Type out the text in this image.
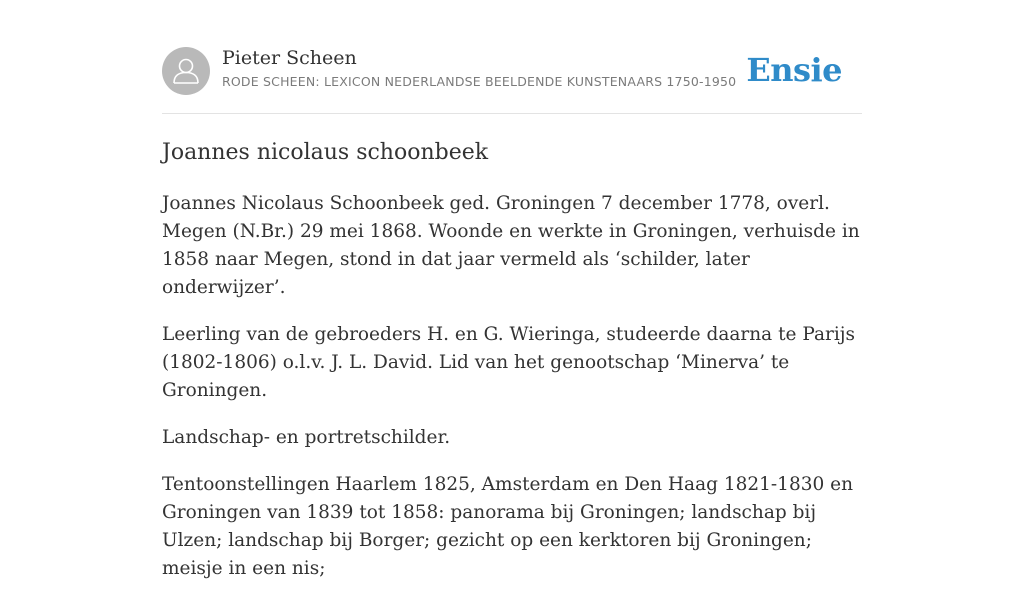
Pieter Scheen
RODE SCHEEN: LEXICON NEDERLANDSE BEELDENDE KUNSTENAARS 1750-1950 Ensie
Joannes nicolaus schoonbeek

Joannes Nicolaus Schoonbeek ged. Groningen 7 december 1778, overl. Megen (N.Br.) 29 mei 1868. Woonde en werkte in Groningen, verhuisde in 1858 naar Megen, stond in dat jaar vermeld als ‘schilder, later onderwijzer’.

Leerling van de gebroeders H. en G. Wieringa, studeerde daarna te Parijs (1802-1806) o.l.v. J. L. David. Lid van het genootschap ‘Minerva’ te Groningen.

Landschap- en portretschilder.

Tentoonstellingen Haarlem 1825, Amsterdam en Den Haag 1821-1830 en Groningen van 1839 tot 1858: panorama bij Groningen; landschap bij Ulzen; landschap bij Borger; gezicht op een kerktoren bij Groningen; meisje in een nis;
